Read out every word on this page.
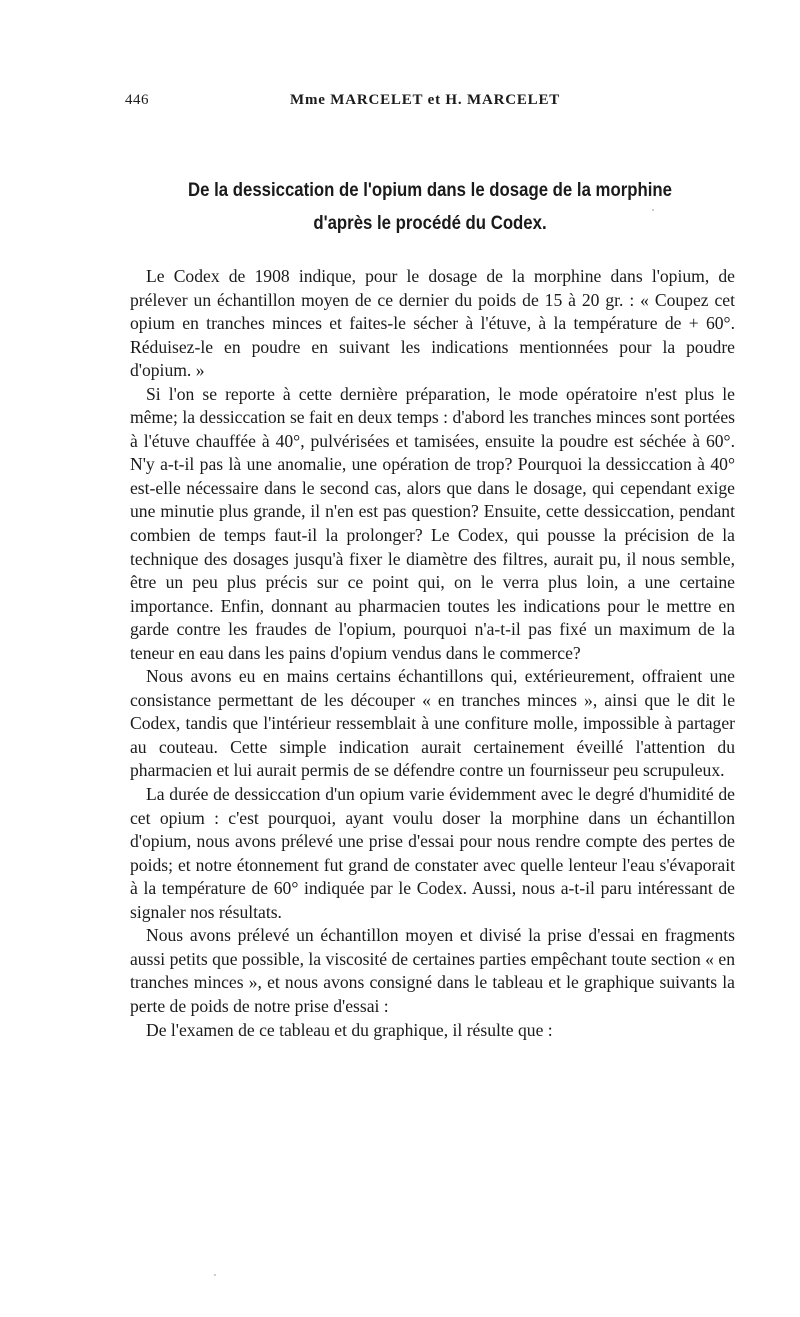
446	Mme MARCELET et H. MARCELET
De la dessiccation de l'opium dans le dosage de la morphine
d'après le procédé du Codex.

Le Codex de 1908 indique, pour le dosage de la morphine dans l'opium, de prélever un échantillon moyen de ce dernier du poids de 15 à 20 gr. : « Coupez cet opium en tranches minces et faites-le sécher à l'étuve, à la température de + 60°. Réduisez-le en poudre en suivant les indications mentionnées pour la poudre d'opium. »

Si l'on se reporte à cette dernière préparation, le mode opératoire n'est plus le même; la dessiccation se fait en deux temps : d'abord les tranches minces sont portées à l'étuve chauffée à 40°, pulvérisées et tamisées, ensuite la poudre est séchée à 60°. N'y a-t-il pas là une anomalie, une opération de trop? Pourquoi la dessiccation à 40° est-elle nécessaire dans le second cas, alors que dans le dosage, qui cependant exige une minutie plus grande, il n'en est pas question? Ensuite, cette dessiccation, pendant combien de temps faut-il la prolonger? Le Codex, qui pousse la précision de la technique des dosages jusqu'à fixer le diamètre des filtres, aurait pu, il nous semble, être un peu plus précis sur ce point qui, on le verra plus loin, a une certaine importance. Enfin, donnant au pharmacien toutes les indications pour le mettre en garde contre les fraudes de l'opium, pourquoi n'a-t-il pas fixé un maximum de la teneur en eau dans les pains d'opium vendus dans le commerce?

Nous avons eu en mains certains échantillons qui, extérieurement, offraient une consistance permettant de les découper « en tranches minces », ainsi que le dit le Codex, tandis que l'intérieur ressemblait à une confiture molle, impossible à partager au couteau. Cette simple indication aurait certainement éveillé l'attention du pharmacien et lui aurait permis de se défendre contre un fournisseur peu scrupuleux.

La durée de dessiccation d'un opium varie évidemment avec le degré d'humidité de cet opium : c'est pourquoi, ayant voulu doser la morphine dans un échantillon d'opium, nous avons prélevé une prise d'essai pour nous rendre compte des pertes de poids; et notre étonnement fut grand de constater avec quelle lenteur l'eau s'évaporait à la température de 60° indiquée par le Codex. Aussi, nous a-t-il paru intéressant de signaler nos résultats.

Nous avons prélevé un échantillon moyen et divisé la prise d'essai en fragments aussi petits que possible, la viscosité de certaines parties empêchant toute section « en tranches minces », et nous avons consigné dans le tableau et le graphique suivants la perte de poids de notre prise d'essai :

De l'examen de ce tableau et du graphique, il résulte que :
